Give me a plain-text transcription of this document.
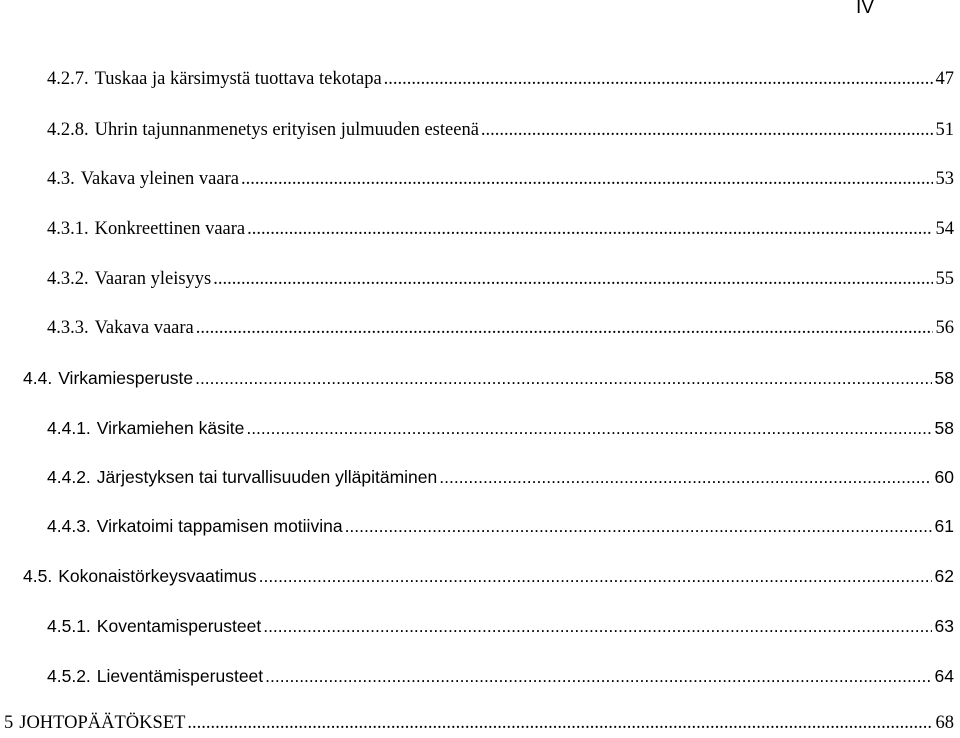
IV
4.2.7. Tuskaa ja kärsimystä tuottava tekotapa .....	47
4.2.8. Uhrin tajunnanmenetys erityisen julmuuden esteenä .....	51
4.3. Vakava yleinen vaara .....	53
4.3.1. Konkreettinen vaara .....	54
4.3.2. Vaaran yleisyys .....	55
4.3.3. Vakava vaara .....	56
4.4. Virkamiesperuste .....	58
4.4.1. Virkamiehen käsite .....	58
4.4.2. Järjestyksen tai turvallisuuden ylläpitäminen .....	60
4.4.3. Virkatoimi tappamisen motiivina .....	61
4.5. Kokonaistörkeysvaatimus .....	62
4.5.1. Koventamisperusteet .....	63
4.5.2. Lieventämisperusteet .....	64
5 JOHTOPÄÄTÖKSET .....	68
